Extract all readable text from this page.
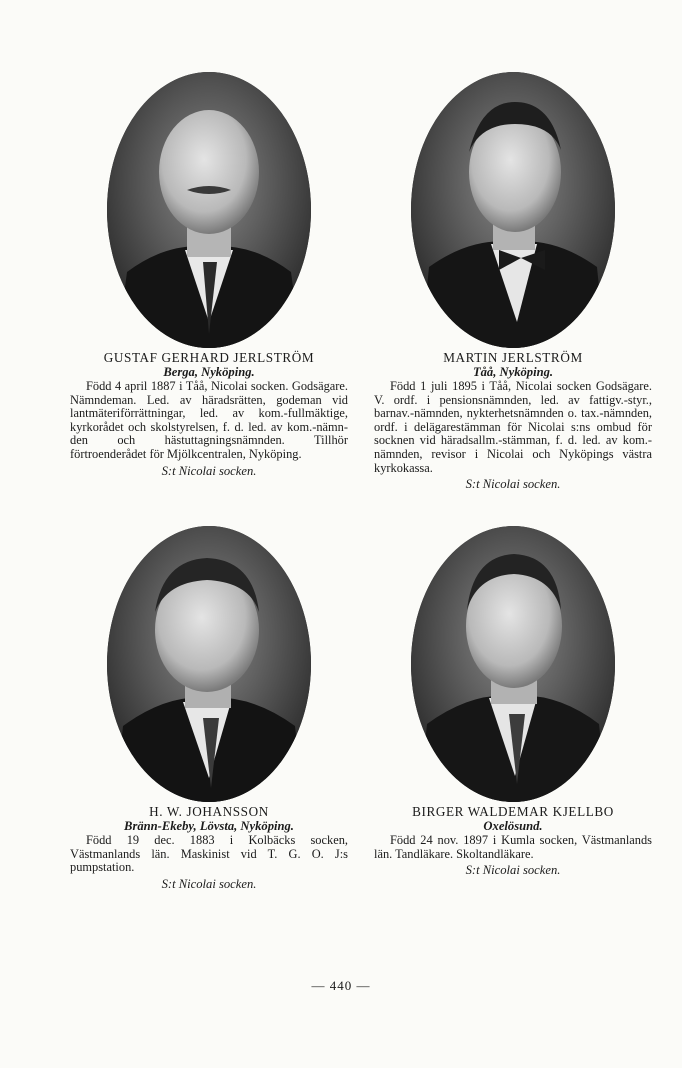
GUSTAF GERHARD JERLSTRÖM
Berga, Nyköping.

Född 4 april 1887 i Tåå, Nicolai socken. Godsägare. Nämndeman. Led. av häradsrätten, godeman vid lantmäteriförrättningar, led. av kom.-fullmäktige, kyrkorådet och skolstyrelsen, f. d. led. av kom.-nämnden och hästuttagningsnämnden. Tillhör förtroenderådet för Mjölkcentralen, Nyköping.

S:t Nicolai socken.
MARTIN JERLSTRÖM
Tåå, Nyköping.

Född 1 juli 1895 i Tåå, Nicolai socken Godsägare. V. ordf. i pensionsnämnden, led. av fattigv.-styr., barnav.-nämnden, nykterhetsnämnden o. tax.-nämnden, ordf. i delägarestämman för Nicolai s:ns ombud för socknen vid häradsallm.-stämman, f. d. led. av kom.-nämnden, revisor i Nicolai och Nyköpings västra kyrkokassa.

S:t Nicolai socken.
H. W. JOHANSSON
Bränn-Ekeby, Lövsta, Nyköping.

Född 19 dec. 1883 i Kolbäcks socken, Västmanlands län. Maskinist vid T. G. O. J:s pumpstation.

S:t Nicolai socken.
BIRGER WALDEMAR KJELLBO
Oxelösund.

Född 24 nov. 1897 i Kumla socken, Västmanlands län. Tandläkare. Skoltandläkare.

S:t Nicolai socken.
— 440 —
